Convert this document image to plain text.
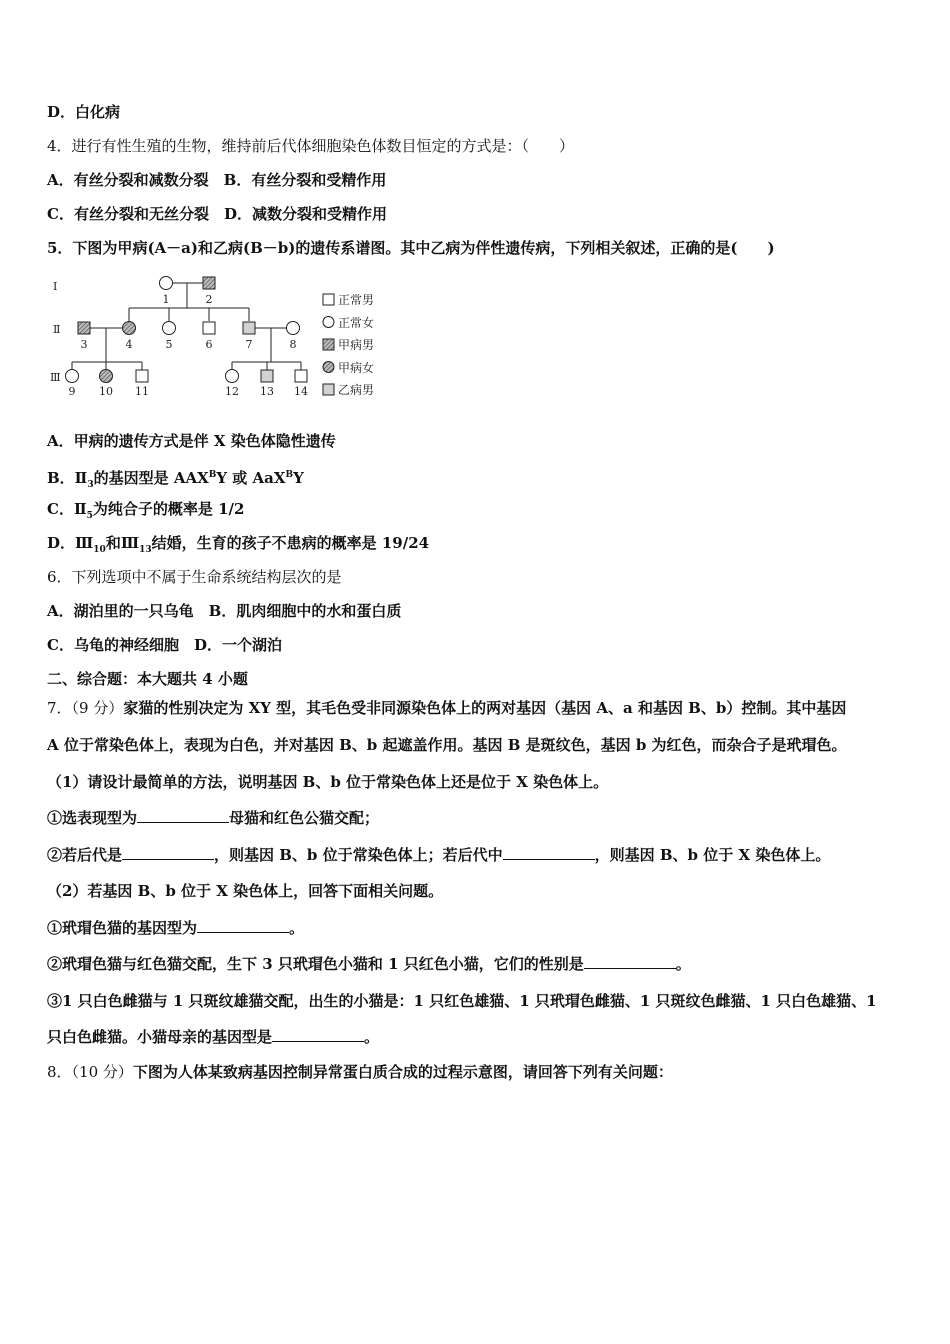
D．白化病
4．进行有性生殖的生物，维持前后代体细胞染色体数目恒定的方式是：（　　）
A．有丝分裂和减数分裂　 B．有丝分裂和受精作用
C．有丝分裂和无丝分裂　 D．减数分裂和受精作用
5．下图为甲病(A－a)和乙病(B－b)的遗传系谱图。其中乙病为伴性遗传病，下列相关叙述，正确的是(　　)
Ⅰ
Ⅱ
Ⅲ
1	2
3	4	5	6	7	8
9 10 11	12 13 14
正常男
正常女
甲病男
甲病女
乙病男
A．甲病的遗传方式是伴 X 染色体隐性遗传
B．$Ⅱ_3$的基因型是 $AAX^BY$ 或 AaX$^B$Y
C．$Ⅱ_5$为纯合子的概率是 1/2
D．$Ⅲ_{10}$和$Ⅲ_{13}$结婚，生育的孩子不患病的概率是 19/24
6．下列选项中不属于生命系统结构层次的是
A．湖泊里的一只乌龟　 B．肌肉细胞中的水和蛋白质
C．乌龟的神经细胞　 D．一个湖泊
二、综合题：本大题共 4 小题
7．（9 分）家猫的性别决定为 XY 型，其毛色受非同源染色体上的两对基因（基因 A、a 和基因 B、b）控制。其中基因
A 位于常染色体上，表现为白色，并对基因 B、b 起遮盖作用。基因 B 是斑纹色，基因 b 为红色，而杂合子是玳瑁色。
（1）请设计最简单的方法，说明基因 B、b 位于常染色体上还是位于 X 染色体上。
①选表现型为	母猫和红色公猫交配；
②若后代是	，则基因 B、b 位于常染色体上；若后代中	，则基因 B、b 位于 X 染色体上。
（2）若基因 B、b 位于 X 染色体上，回答下面相关问题。
①玳瑁色猫的基因型为	。
②玳瑁色猫与红色猫交配，生下 3 只玳瑁色小猫和 1 只红色小猫，它们的性别是	。
③1 只白色雌猫与 1 只斑纹雄猫交配，出生的小猫是：1 只红色雄猫、1 只玳瑁色雌猫、1 只斑纹色雌猫、1 只白色雄猫、1
只白色雌猫。小猫母亲的基因型是	。
8．（10 分）下图为人体某致病基因控制异常蛋白质合成的过程示意图，请回答下列有关问题：
